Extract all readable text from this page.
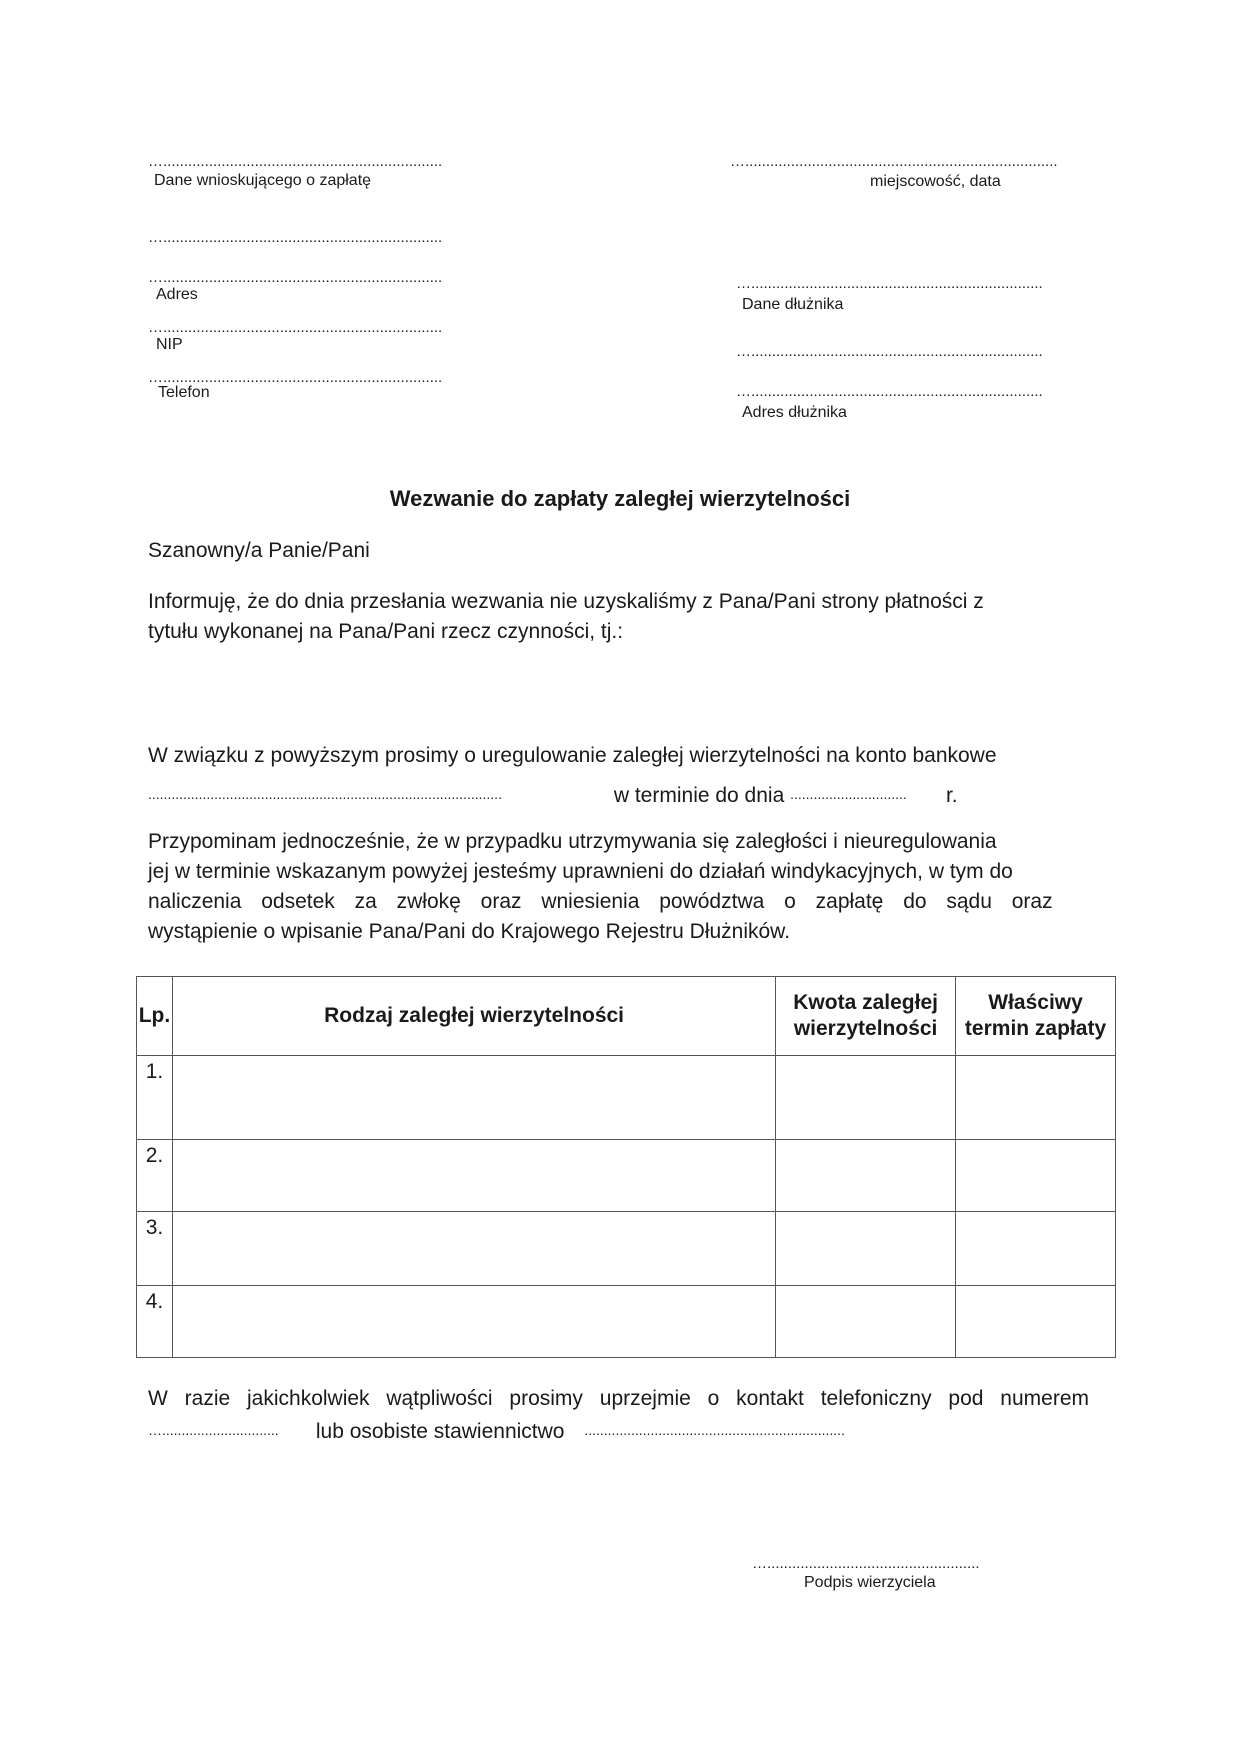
…...................................................................
Dane wnioskującego o zapłatę
…...................................................................
…...................................................................
Adres
…...................................................................
NIP
…...................................................................
Telefon
…...........................................................................
miejscowość, data
…......................................................................
Dane dłużnika
…......................................................................
…......................................................................
Adres dłużnika
Wezwanie do zapłaty zaległej wierzytelności
Szanowny/a Panie/Pani
Informuję, że do dnia przesłania wezwania nie uzyskaliśmy z Pana/Pani strony płatności z
tytułu wykonanej na Pana/Pani rzecz czynności, tj.:
W związku z powyższym prosimy o uregulowanie zaległej wierzytelności na konto bankowe
...........................................................................................	w terminie do dnia .............................. r.
Przypominam jednocześnie, że w przypadku utrzymywania się zaległości i nieuregulowania
jej w terminie wskazanym powyżej jesteśmy uprawnieni do działań windykacyjnych, w tym do
naliczenia odsetek za zwłokę oraz wniesienia powództwa o zapłatę do sądu oraz
wystąpienie o wpisanie Pana/Pani do Krajowego Rejestru Dłużników.
Lp.	Rodzaj zaległej wierzytelności	Kwota zaległej wierzytelności	Właściwy termin zapłaty
1.			
2.			
3.			
4.			
W razie jakichkolwiek wątpliwości prosimy uprzejmie o kontakt telefoniczny pod numerem
….............................. lub osobiste stawiennictwo ...................................................................
…...................................................
Podpis wierzyciela
